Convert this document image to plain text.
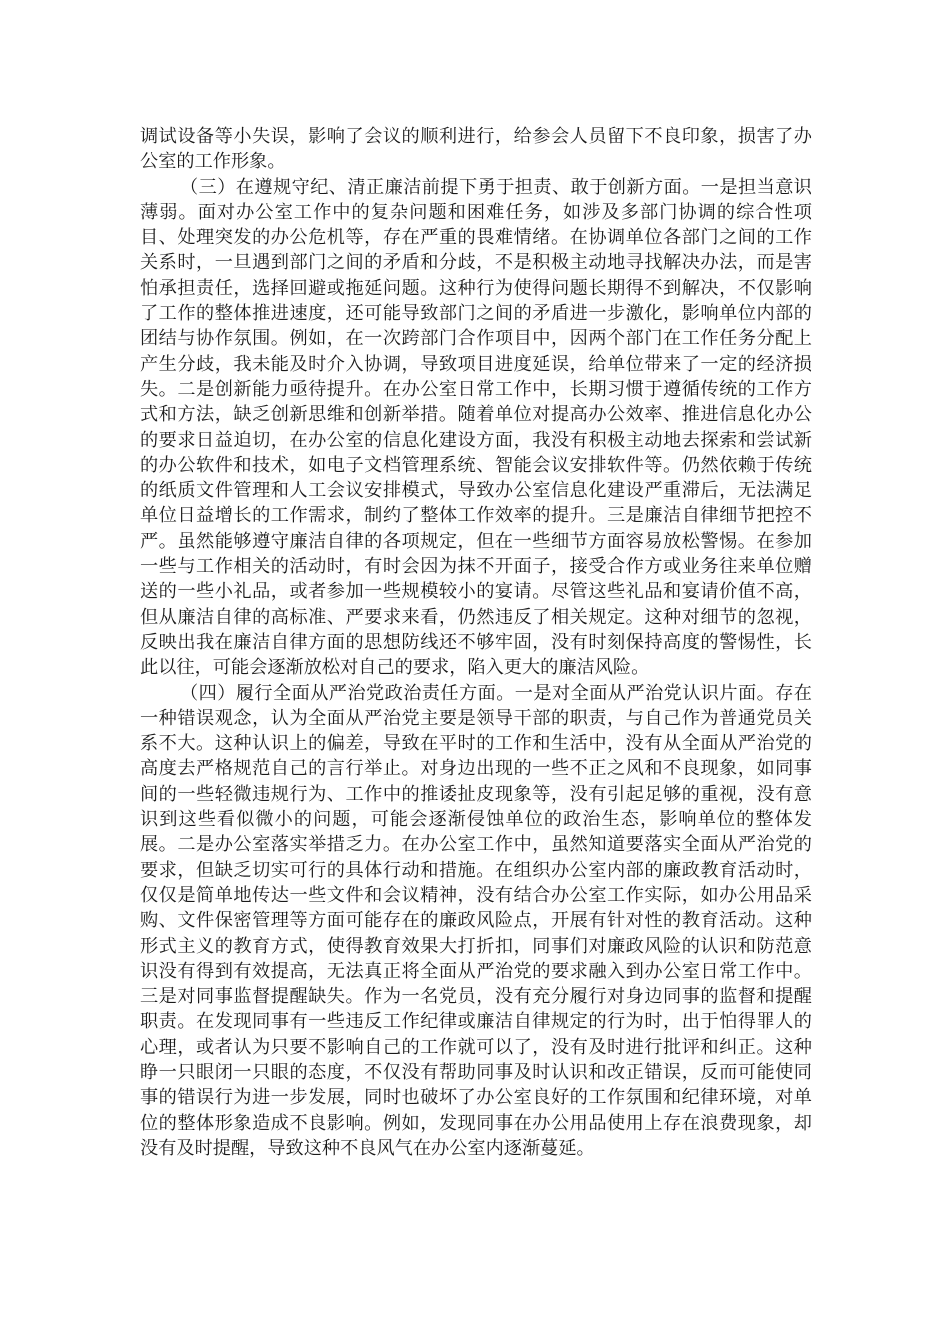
调试设备等小失误，影响了会议的顺利进行，给参会人员留下不良印象，损害了办公室的工作形象。

（三）在遵规守纪、清正廉洁前提下勇于担责、敢于创新方面。一是担当意识薄弱。面对办公室工作中的复杂问题和困难任务，如涉及多部门协调的综合性项目、处理突发的办公危机等，存在严重的畏难情绪。在协调单位各部门之间的工作关系时，一旦遇到部门之间的矛盾和分歧，不是积极主动地寻找解决办法，而是害怕承担责任，选择回避或拖延问题。这种行为使得问题长期得不到解决，不仅影响了工作的整体推进速度，还可能导致部门之间的矛盾进一步激化，影响单位内部的团结与协作氛围。例如，在一次跨部门合作项目中，因两个部门在工作任务分配上产生分歧，我未能及时介入协调，导致项目进度延误，给单位带来了一定的经济损失。二是创新能力亟待提升。在办公室日常工作中，长期习惯于遵循传统的工作方式和方法，缺乏创新思维和创新举措。随着单位对提高办公效率、推进信息化办公的要求日益迫切，在办公室的信息化建设方面，我没有积极主动地去探索和尝试新的办公软件和技术，如电子文档管理系统、智能会议安排软件等。仍然依赖于传统的纸质文件管理和人工会议安排模式，导致办公室信息化建设严重滞后，无法满足单位日益增长的工作需求，制约了整体工作效率的提升。三是廉洁自律细节把控不严。虽然能够遵守廉洁自律的各项规定，但在一些细节方面容易放松警惕。在参加一些与工作相关的活动时，有时会因为抹不开面子，接受合作方或业务往来单位赠送的一些小礼品，或者参加一些规模较小的宴请。尽管这些礼品和宴请价值不高，但从廉洁自律的高标准、严要求来看，仍然违反了相关规定。这种对细节的忽视，反映出我在廉洁自律方面的思想防线还不够牢固，没有时刻保持高度的警惕性，长此以往，可能会逐渐放松对自己的要求，陷入更大的廉洁风险。

（四）履行全面从严治党政治责任方面。一是对全面从严治党认识片面。存在一种错误观念，认为全面从严治党主要是领导干部的职责，与自己作为普通党员关系不大。这种认识上的偏差，导致在平时的工作和生活中，没有从全面从严治党的高度去严格规范自己的言行举止。对身边出现的一些不正之风和不良现象，如同事间的一些轻微违规行为、工作中的推诿扯皮现象等，没有引起足够的重视，没有意识到这些看似微小的问题，可能会逐渐侵蚀单位的政治生态，影响单位的整体发展。二是办公室落实举措乏力。在办公室工作中，虽然知道要落实全面从严治党的要求，但缺乏切实可行的具体行动和措施。在组织办公室内部的廉政教育活动时，仅仅是简单地传达一些文件和会议精神，没有结合办公室工作实际，如办公用品采购、文件保密管理等方面可能存在的廉政风险点，开展有针对性的教育活动。这种形式主义的教育方式，使得教育效果大打折扣，同事们对廉政风险的认识和防范意识没有得到有效提高，无法真正将全面从严治党的要求融入到办公室日常工作中。三是对同事监督提醒缺失。作为一名党员，没有充分履行对身边同事的监督和提醒职责。在发现同事有一些违反工作纪律或廉洁自律规定的行为时，出于怕得罪人的心理，或者认为只要不影响自己的工作就可以了，没有及时进行批评和纠正。这种睁一只眼闭一只眼的态度，不仅没有帮助同事及时认识和改正错误，反而可能使同事的错误行为进一步发展，同时也破坏了办公室良好的工作氛围和纪律环境，对单位的整体形象造成不良影响。例如，发现同事在办公用品使用上存在浪费现象，却没有及时提醒，导致这种不良风气在办公室内逐渐蔓延。
